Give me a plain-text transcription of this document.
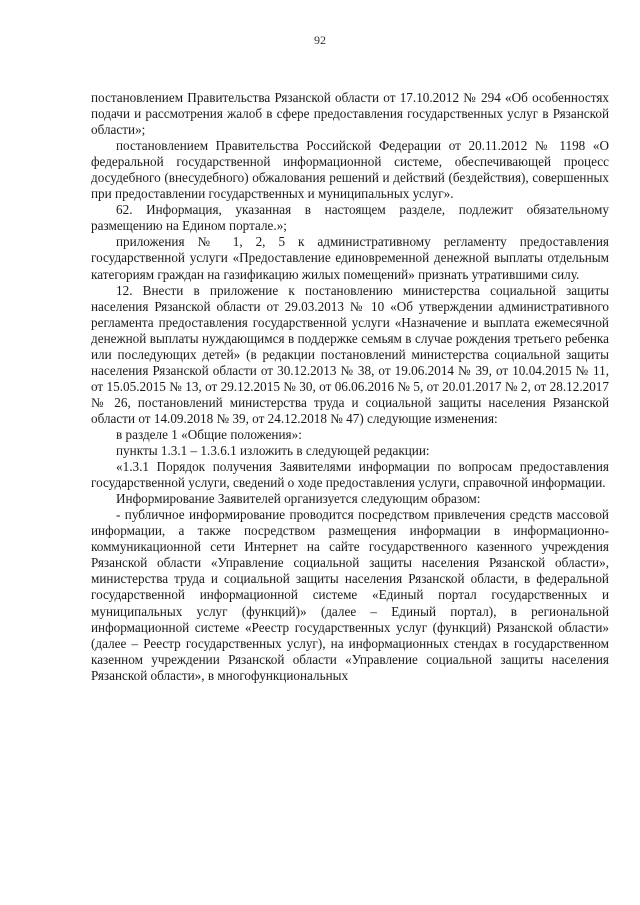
92

постановлением Правительства Рязанской области от 17.10.2012 № 294 «Об особенностях подачи и рассмотрения жалоб в сфере предоставления государственных услуг в Рязанской области»;

постановлением Правительства Российской Федерации от 20.11.2012 № 1198 «О федеральной государственной информационной системе, обеспечивающей процесс досудебного (внесудебного) обжалования решений и действий (бездействия), совершенных при предоставлении государственных и муниципальных услуг».

62. Информация, указанная в настоящем разделе, подлежит обязательному размещению на Едином портале.»;

приложения № 1, 2, 5 к административному регламенту предоставления государственной услуги «Предоставление единовременной денежной выплаты отдельным категориям граждан на газификацию жилых помещений» признать утратившими силу.

12. Внести в приложение к постановлению министерства социальной защиты населения Рязанской области от 29.03.2013 № 10 «Об утверждении административного регламента предоставления государственной услуги «Назначение и выплата ежемесячной денежной выплаты нуждающимся в поддержке семьям в случае рождения третьего ребенка или последующих детей» (в редакции постановлений министерства социальной защиты населения Рязанской области от 30.12.2013 № 38, от 19.06.2014 № 39, от 10.04.2015 № 11, от 15.05.2015 № 13, от 29.12.2015 № 30, от 06.06.2016 № 5, от 20.01.2017 № 2, от 28.12.2017 № 26, постановлений министерства труда и социальной защиты населения Рязанской области от 14.09.2018 № 39, от 24.12.2018 № 47) следующие изменения:

в разделе 1 «Общие положения»:

пункты 1.3.1 – 1.3.6.1 изложить в следующей редакции:

«1.3.1 Порядок получения Заявителями информации по вопросам предоставления государственной услуги, сведений о ходе предоставления услуги, справочной информации.

Информирование Заявителей организуется следующим образом:

- публичное информирование проводится посредством привлечения средств массовой информации, а также посредством размещения информации в информационно-коммуникационной сети Интернет на сайте государственного казенного учреждения Рязанской области «Управление социальной защиты населения Рязанской области», министерства труда и социальной защиты населения Рязанской области, в федеральной государственной информационной системе «Единый портал государственных и муниципальных услуг (функций)» (далее – Единый портал), в региональной информационной системе «Реестр государственных услуг (функций) Рязанской области» (далее – Реестр государственных услуг), на информационных стендах в государственном казенном учреждении Рязанской области «Управление социальной защиты населения Рязанской области», в многофункциональных
